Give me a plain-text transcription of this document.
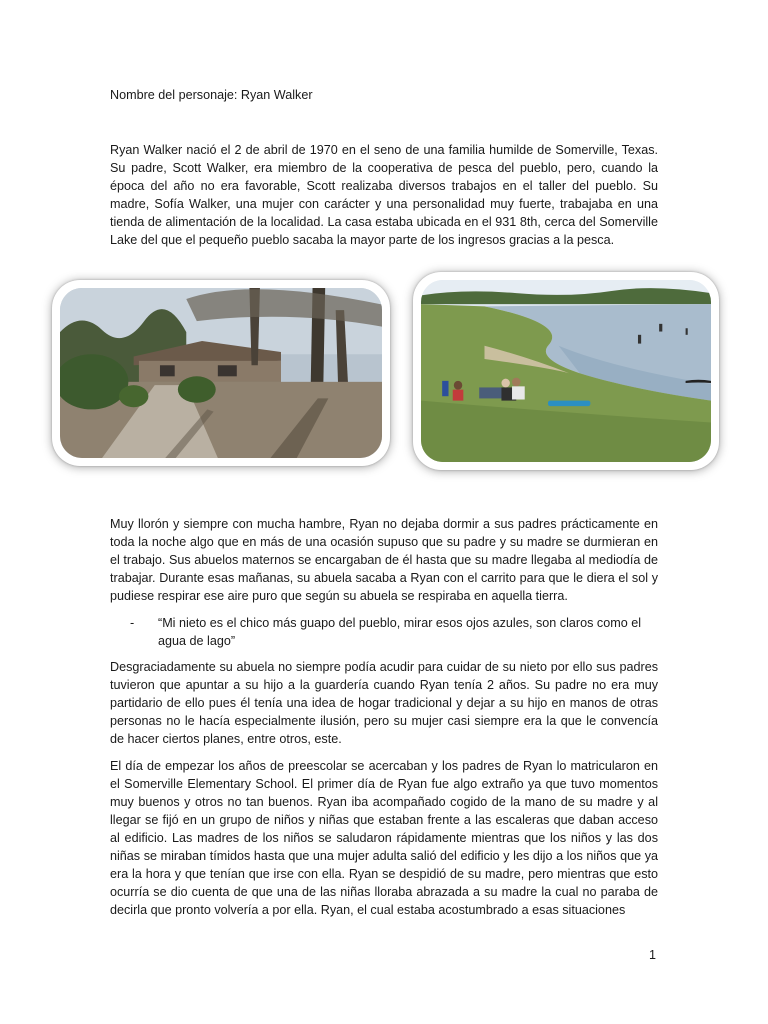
Nombre del personaje: Ryan Walker
Ryan Walker nació el 2 de abril de 1970 en el seno de una familia humilde de Somerville, Texas. Su padre, Scott Walker, era miembro de la cooperativa de pesca del pueblo, pero, cuando la época del año no era favorable, Scott realizaba diversos trabajos en el taller del pueblo. Su madre, Sofía Walker, una mujer con carácter y una personalidad muy fuerte, trabajaba en una tienda de alimentación de la localidad. La casa estaba ubicada en el 931 8th, cerca del Somerville Lake del que el pequeño pueblo sacaba la mayor parte de los ingresos gracias a la pesca.
Muy llorón y siempre con mucha hambre, Ryan no dejaba dormir a sus padres prácticamente en toda la noche algo que en más de una ocasión supuso que su padre y su madre se durmieran en el trabajo. Sus abuelos maternos se encargaban de él hasta que su madre llegaba al mediodía de trabajar. Durante esas mañanas, su abuela sacaba a Ryan con el carrito para que le diera el sol y pudiese respirar ese aire puro que según su abuela se respiraba en aquella tierra.
- “Mi nieto es el chico más guapo del pueblo, mirar esos ojos azules, son claros como el agua de lago”
Desgraciadamente su abuela no siempre podía acudir para cuidar de su nieto por ello sus padres tuvieron que apuntar a su hijo a la guardería cuando Ryan tenía 2 años. Su padre no era muy partidario de ello pues él tenía una idea de hogar tradicional y dejar a su hijo en manos de otras personas no le hacía especialmente ilusión, pero su mujer casi siempre era la que le convencía de hacer ciertos planes, entre otros, este.
El día de empezar los años de preescolar se acercaban y los padres de Ryan lo matricularon en el Somerville Elementary School. El primer día de Ryan fue algo extraño ya que tuvo momentos muy buenos y otros no tan buenos. Ryan iba acompañado cogido de la mano de su madre y al llegar se fijó en un grupo de niños y niñas que estaban frente a las escaleras que daban acceso al edificio. Las madres de los niños se saludaron rápidamente mientras que los niños y las dos niñas se miraban tímidos hasta que una mujer adulta salió del edificio y les dijo a los niños que ya era la hora y que tenían que irse con ella. Ryan se despidió de su madre, pero mientras que esto ocurría se dio cuenta de que una de las niñas lloraba abrazada a su madre la cual no paraba de decirla que pronto volvería a por ella. Ryan, el cual estaba acostumbrado a esas situaciones
1
